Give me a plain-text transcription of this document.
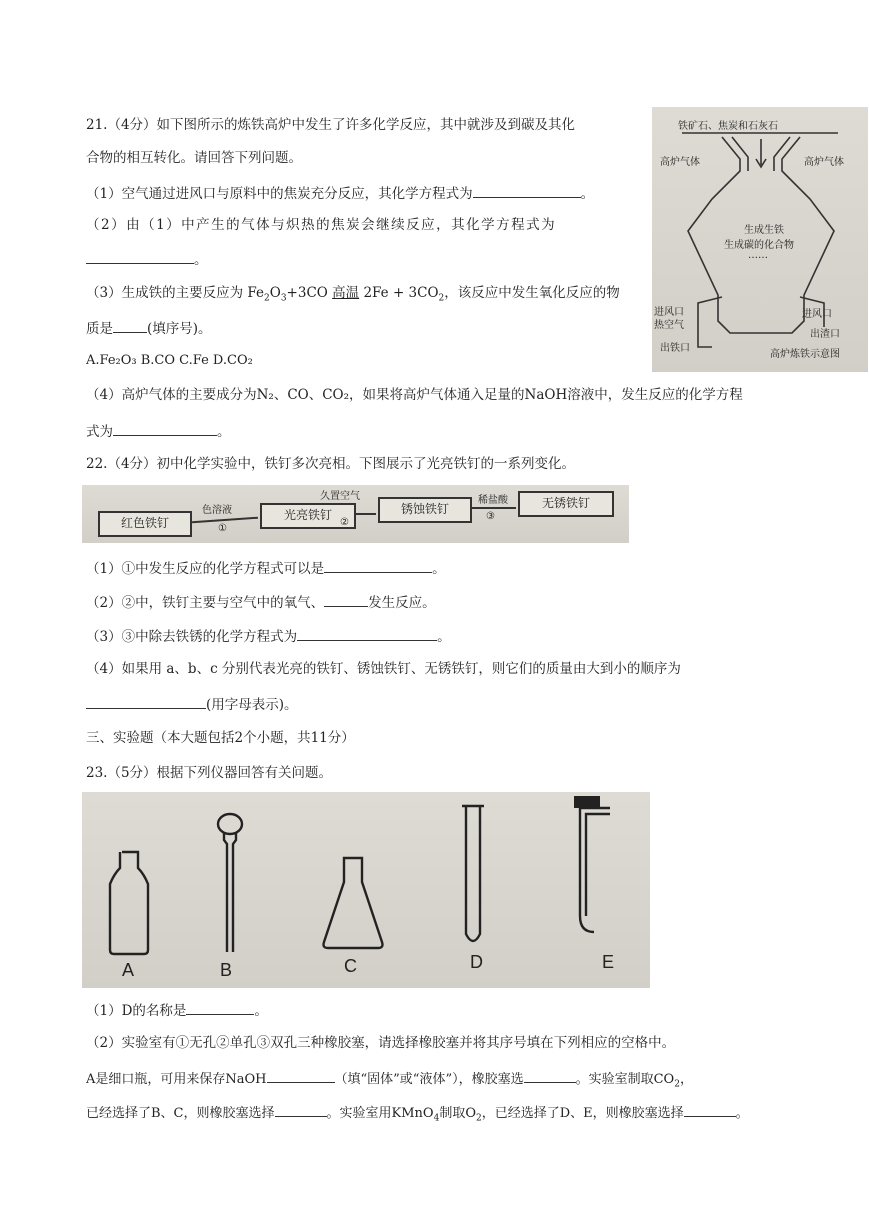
21.（4分）如下图所示的炼铁高炉中发生了许多化学反应，其中就涉及到碳及其化
合物的相互转化。请回答下列问题。
（1）空气通过进风口与原料中的焦炭充分反应，其化学方程式为	。
（2）由（1）中产生的气体与炽热的焦炭会继续反应，其化学方程式为
。
（3）生成铁的主要反应为 $Fe_2O_3+3CO$ 高温 $2Fe + 3CO_2$，该反应中发生氧化反应的物
质是	(填序号)。
A.Fe₂O₃ B.CO C.Fe D.CO₂
（4）高炉气体的主要成分为N₂、CO、CO₂，如果将高炉气体通入足量的NaOH溶液中，发生反应的化学方程
式为	。
铁矿石、焦炭和石灰石
高炉气体	高炉气体
生成生铁
生成碳的化合物
……
进风口
热空气
进风口
出渣口
出铁口
高炉炼铁示意图
22.（4分）初中化学实验中，铁钉多次亮相。下图展示了光亮铁钉的一系列变化。
红色铁钉
光亮铁钉	锈蚀铁钉	无锈铁钉
色溶液
①
久置空气
②
稀盐酸
③
（1）①中发生反应的化学方程式可以是	。
（2）②中，铁钉主要与空气中的氧气、	发生反应。
（3）③中除去铁锈的化学方程式为	。
（4）如果用 a、b、c 分别代表光亮的铁钉、锈蚀铁钉、无锈铁钉，则它们的质量由大到小的顺序为
(用字母表示)。
三、实验题（本大题包括2个小题，共11分）
23.（5分）根据下列仪器回答有关问题。
A	B	C	D	E
（1）D的名称是	。
（2）实验室有①无孔②单孔③双孔三种橡胶塞，请选择橡胶塞并将其序号填在下列相应的空格中。
A是细口瓶，可用来保存NaOH	（填“固体”或“液体”），橡胶塞选	。实验室制取$CO_2$，
已经选择了B、C，则橡胶塞选择	。实验室用KMnO$_4$制取$O_2$，已经选择了D、E，则橡胶塞选择	。
